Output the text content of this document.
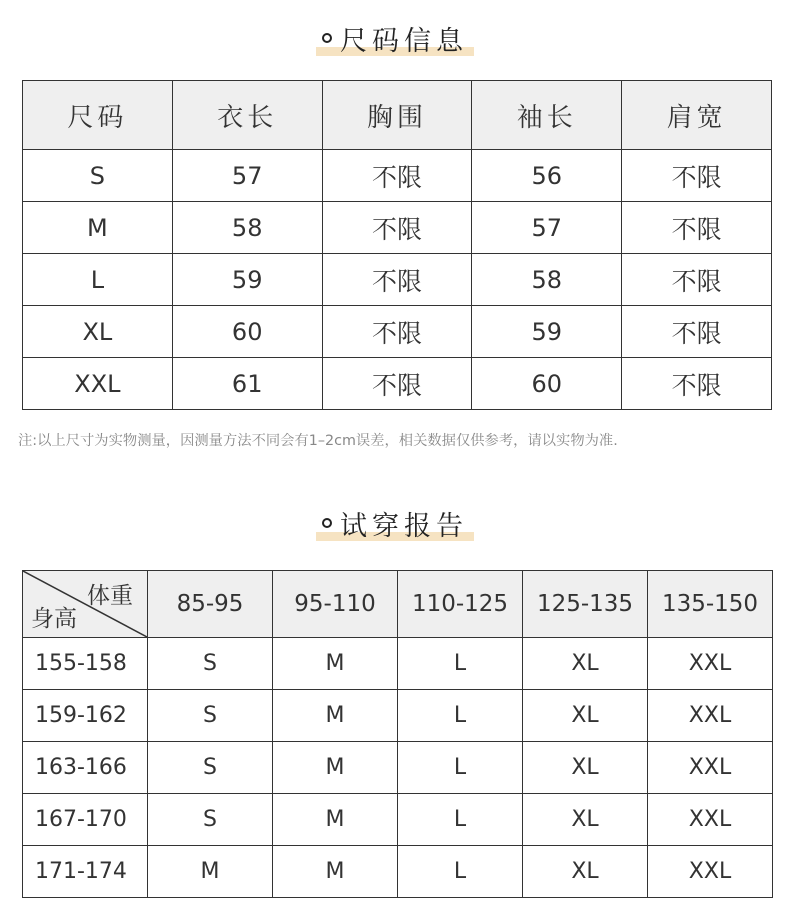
尺码信息
尺码	衣长	胸围	袖长	肩宽
S	57	不限	56	不限
M	58	不限	57	不限
L	59	不限	58	不限
XL	60	不限	59	不限
XXL	61	不限	60	不限
注:以上尺寸为实物测量，因测量方法不同会有1–2cm误差，相关数据仅供参考，请以实物为准.
试穿报告
体重
身高	85-95	95-110	110-125	125-135	135-150
155-158	S	M	L	XL	XXL
159-162	S	M	L	XL	XXL
163-166	S	M	L	XL	XXL
167-170	S	M	L	XL	XXL
171-174	M	M	L	XL	XXL
